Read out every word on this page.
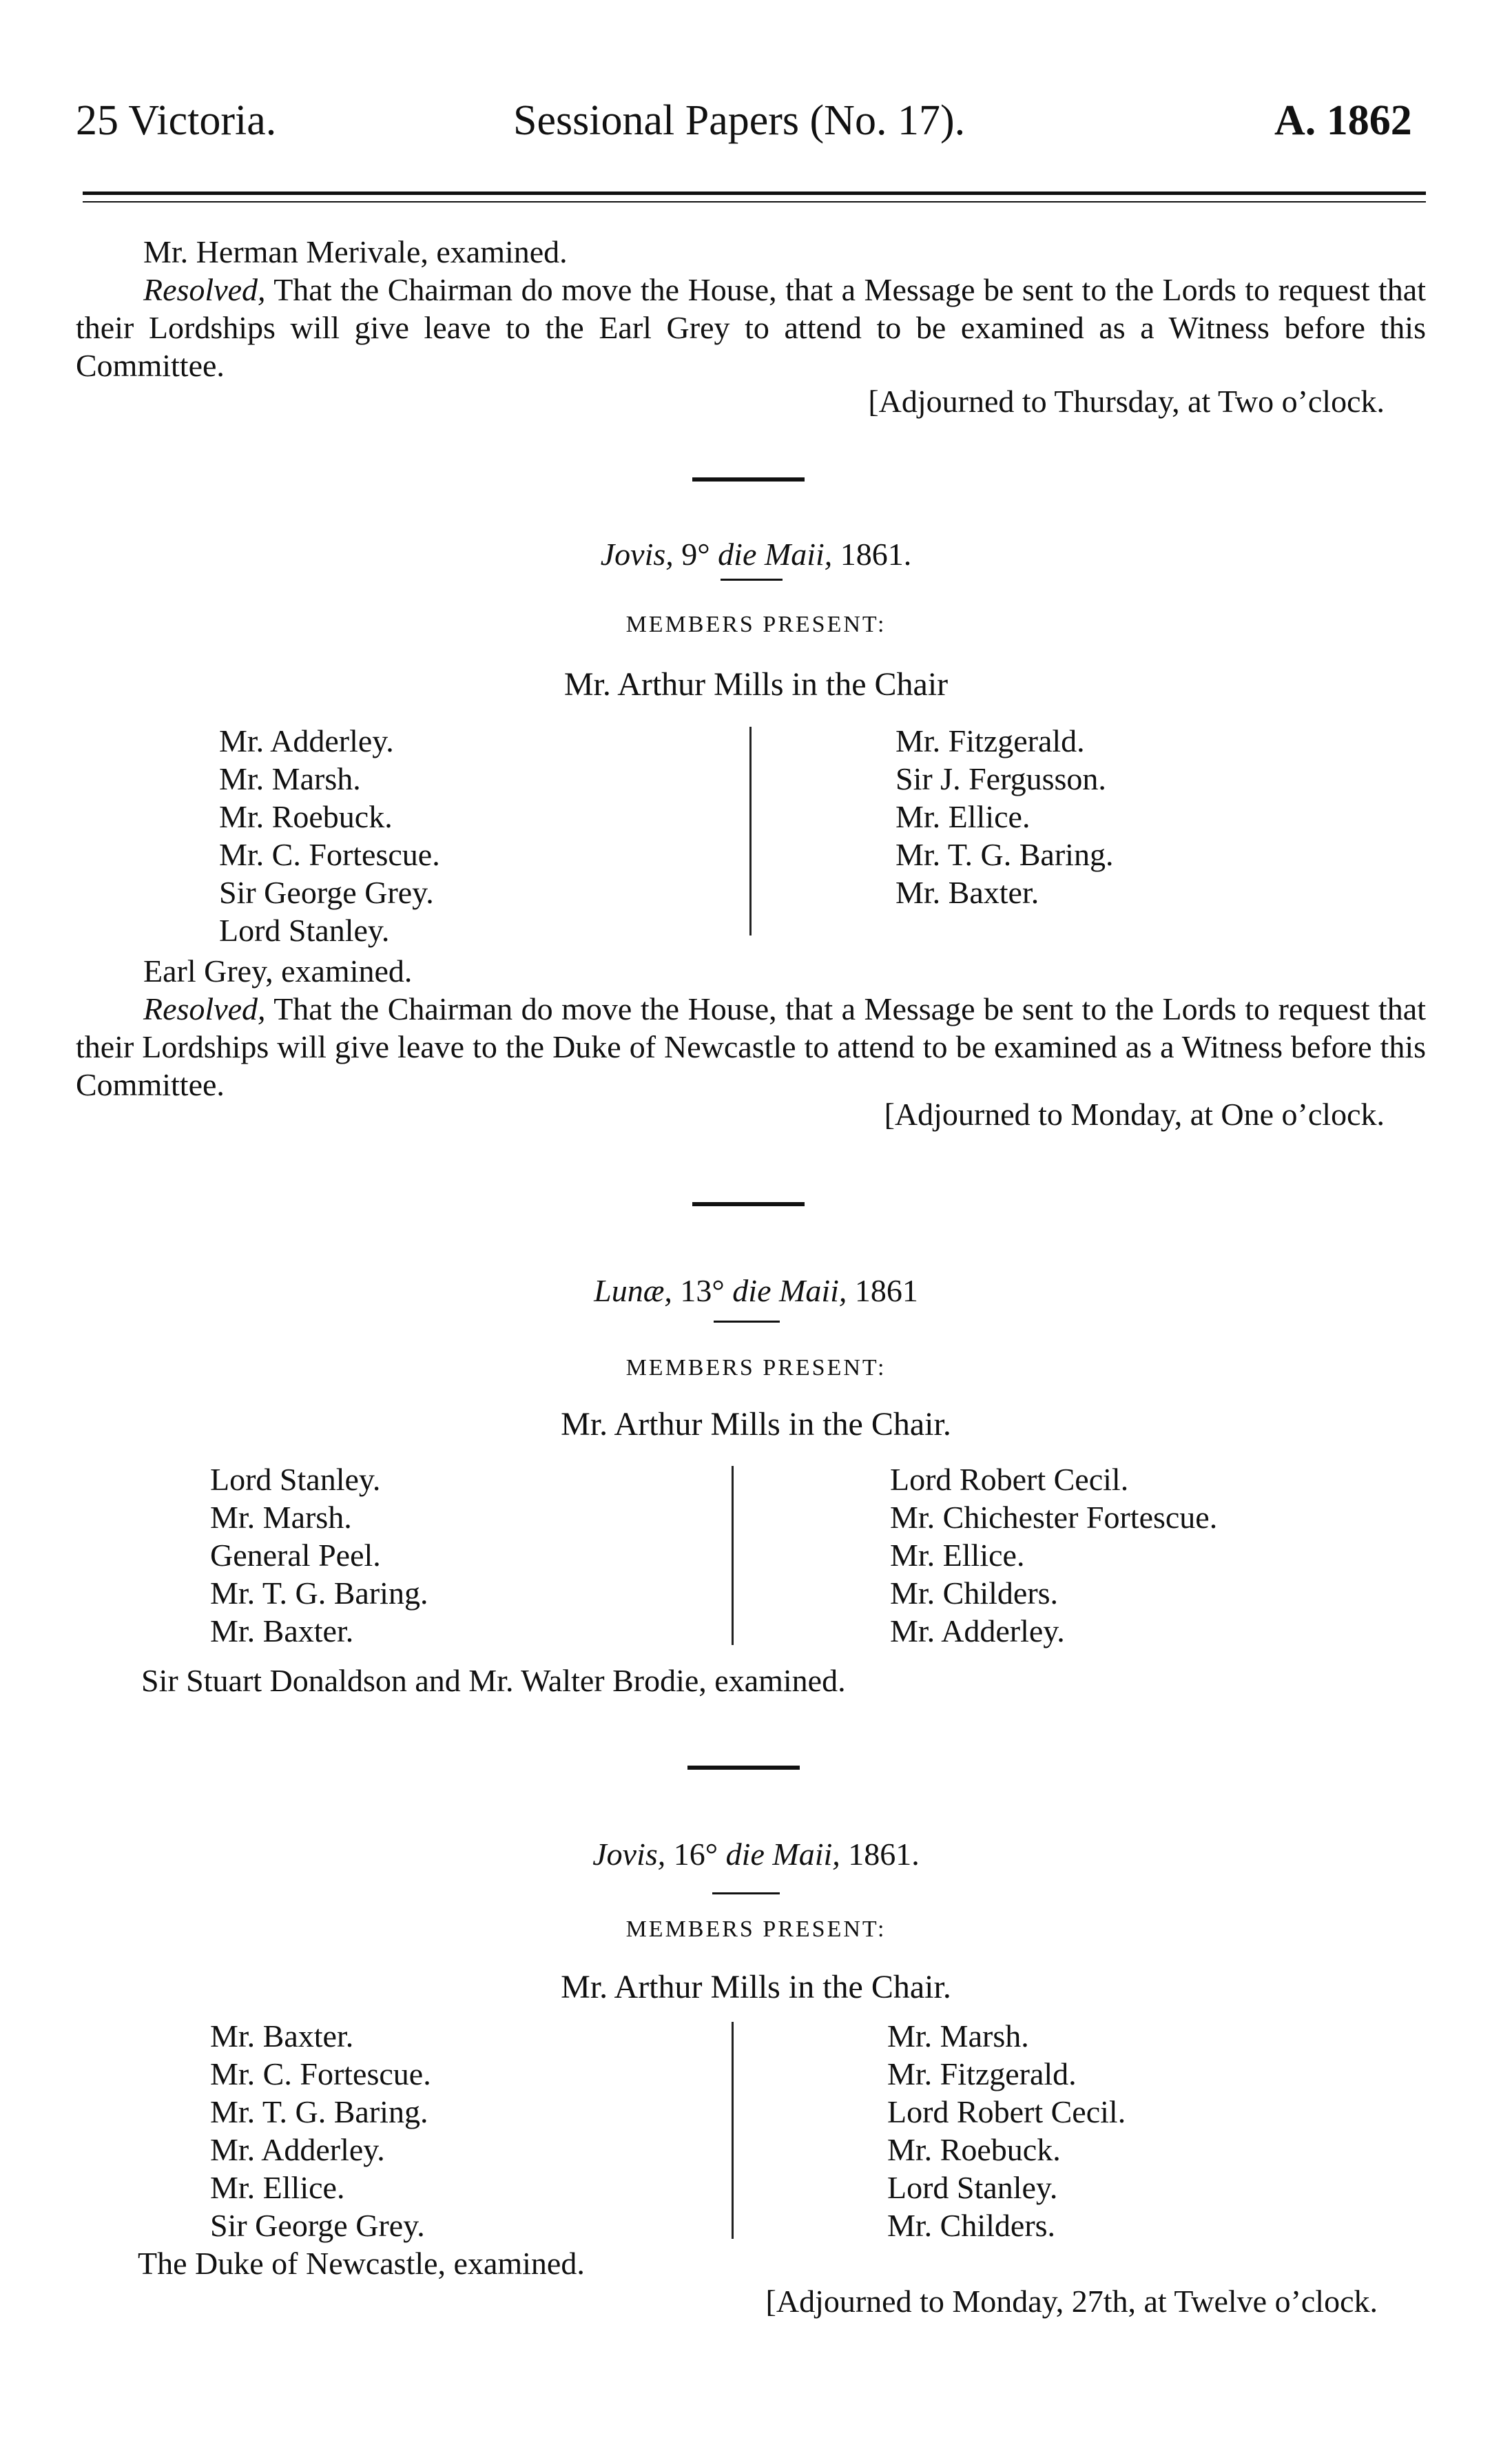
25 Victoria.	Sessional Papers (No. 17).	A. 1862
Mr. Herman Merivale, examined.

Resolved, That the Chairman do move the House, that a Message be sent to the Lords to request that their Lordships will give leave to the Earl Grey to attend to be examined as a Witness before this Committee.

[Adjourned to Thursday, at Two o’clock.
Jovis, 9° die Maii, 1861.
MEMBERS PRESENT:
Mr. Arthur Mills in the Chair
Mr. Adderley.
Mr. Marsh.
Mr. Roebuck.
Mr. C. Fortescue.
Sir George Grey.
Lord Stanley.
Mr. Fitzgerald.
Sir J. Fergusson.
Mr. Ellice.
Mr. T. G. Baring.
Mr. Baxter.
Earl Grey, examined.

Resolved, That the Chairman do move the House, that a Message be sent to the Lords to request that their Lordships will give leave to the Duke of Newcastle to attend to be examined as a Witness before this Committee.

[Adjourned to Monday, at One o’clock.
Lunæ, 13° die Maii, 1861
MEMBERS PRESENT:
Mr. Arthur Mills in the Chair.
Lord Stanley.
Mr. Marsh.
General Peel.
Mr. T. G. Baring.
Mr. Baxter.
Lord Robert Cecil.
Mr. Chichester Fortescue.
Mr. Ellice.
Mr. Childers.
Mr. Adderley.
Sir Stuart Donaldson and Mr. Walter Brodie, examined.
Jovis, 16° die Maii, 1861.
MEMBERS PRESENT:
Mr. Arthur Mills in the Chair.
Mr. Baxter.
Mr. C. Fortescue.
Mr. T. G. Baring.
Mr. Adderley.
Mr. Ellice.
Sir George Grey.
Mr. Marsh.
Mr. Fitzgerald.
Lord Robert Cecil.
Mr. Roebuck.
Lord Stanley.
Mr. Childers.
The Duke of Newcastle, examined.
[Adjourned to Monday, 27th, at Twelve o’clock.
